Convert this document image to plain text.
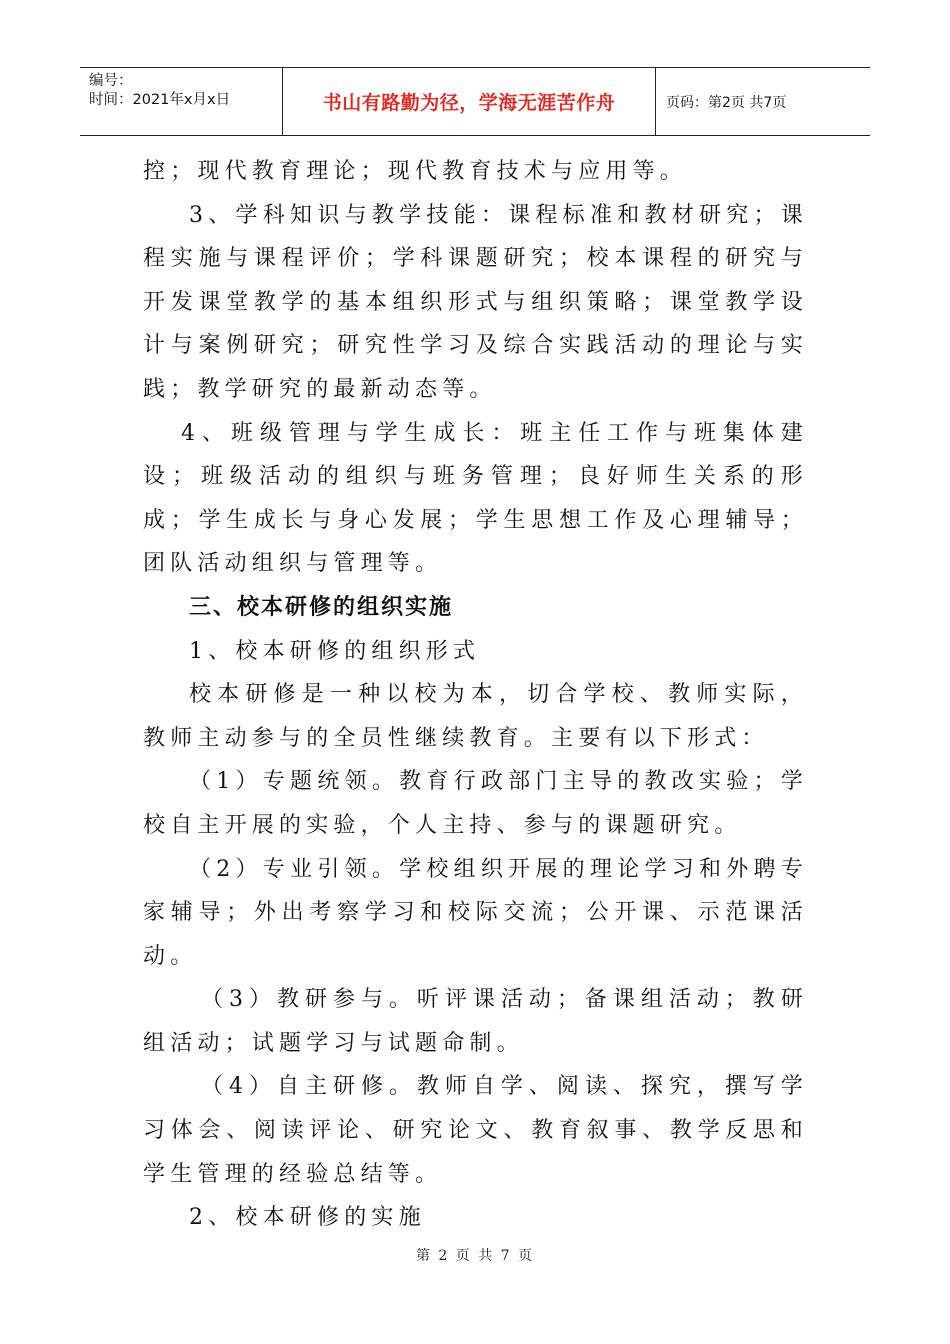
编号：
时间：2021年x月x日	书山有路勤为径，学海无涯苦作舟	页码：第2页 共7页

控；现代教育理论；现代教育技术与应用等。

3、学科知识与教学技能：课程标准和教材研究；课程实施与课程评价；学科课题研究；校本课程的研究与开发课堂教学的基本组织形式与组织策略；课堂教学设计与案例研究；研究性学习及综合实践活动的理论与实践；教学研究的最新动态等。

4、班级管理与学生成长：班主任工作与班集体建设；班级活动的组织与班务管理；良好师生关系的形成；学生成长与身心发展；学生思想工作及心理辅导；团队活动组织与管理等。

三、校本研修的组织实施

1、校本研修的组织形式

校本研修是一种以校为本，切合学校、教师实际，教师主动参与的全员性继续教育。主要有以下形式：

（1）专题统领。教育行政部门主导的教改实验；学校自主开展的实验，个人主持、参与的课题研究。

（2）专业引领。学校组织开展的理论学习和外聘专家辅导；外出考察学习和校际交流；公开课、示范课活动。

（3）教研参与。听评课活动；备课组活动；教研组活动；试题学习与试题命制。

（4）自主研修。教师自学、阅读、探究，撰写学习体会、阅读评论、研究论文、教育叙事、教学反思和学生管理的经验总结等。

2、校本研修的实施

第 2 页 共 7 页
